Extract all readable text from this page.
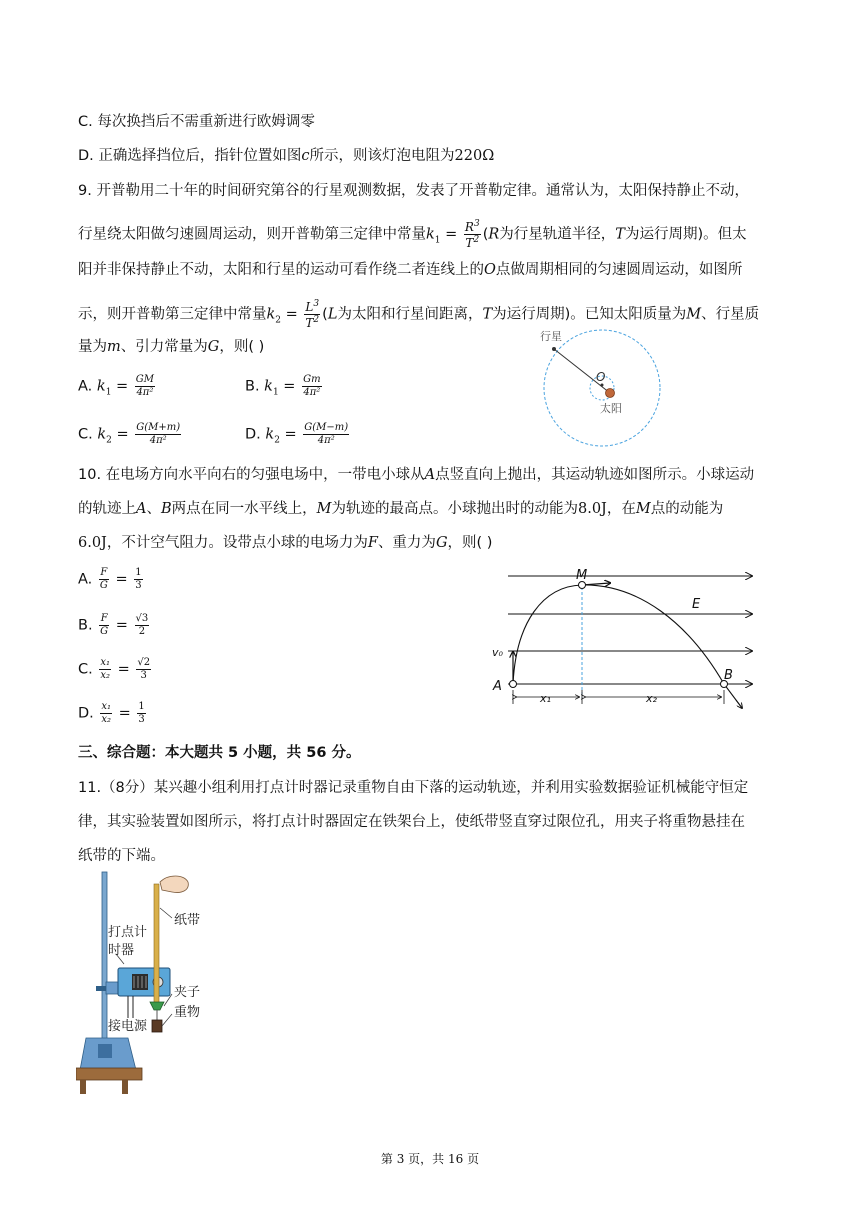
C. 每次换挡后不需重新进行欧姆调零
D. 正确选择挡位后，指针位置如图c所示，则该灯泡电阻为220Ω
9. 开普勒用二十年的时间研究第谷的行星观测数据，发表了开普勒定律。通常认为，太阳保持静止不动，
行星绕太阳做匀速圆周运动，则开普勒第三定律中常量$k_1 = \frac{R^3}{T^2} (R$为行星轨道半径，T为运行周期)。但太
阳并非保持静止不动，太阳和行星的运动可看作绕二者连线上的O点做周期相同的匀速圆周运动，如图所
示，则开普勒第三定律中常量$k_2 = \frac{L^3}{T^2} (L$为太阳和行星间距离，T为运行周期)。已知太阳质量为M、行星质
量为m、引力常量为G，则( )
A. $k_1 = \frac{GM}{\text{4π²}}$	B. $k_1 = \frac{Gm}{\text{4π²}}$
C. $k_2 = \frac{G(M+m)}{\text{4π²}}$	D. $k_2 = \frac{G(M-m)}{\text{4π²}}$
行星
O
太阳
10. 在电场方向水平向右的匀强电场中，一带电小球从A点竖直向上抛出，其运动轨迹如图所示。小球运动
的轨迹上A、B两点在同一水平线上，M为轨迹的最高点。小球抛出时的动能为8.0J，在M点的动能为
6.0J，不计空气阻力。设带点小球的电场力为F、重力为G，则( )
A. $\frac{F}{G} = \frac{1}{3}$
B. $\frac{F}{G} = \frac{√3}{2}$
C. $\frac{\text{x₁}}{\text{x₂}} = \frac{√2}{3}$
D. $\frac{\text{x₁}}{\text{x₂}} = \frac{1}{3}$
M
E
v₀
A
B
x₁	x₂
三、综合题：本大题共 5 小题，共 56 分。
11.（8分）某兴趣小组利用打点计时器记录重物自由下落的运动轨迹，并利用实验数据验证机械能守恒定
律，其实验装置如图所示，将打点计时器固定在铁架台上，使纸带竖直穿过限位孔，用夹子将重物悬挂在
纸带的下端。
纸带
打点计
时器
夹子
重物
接电源
第 3 页，共 16 页
